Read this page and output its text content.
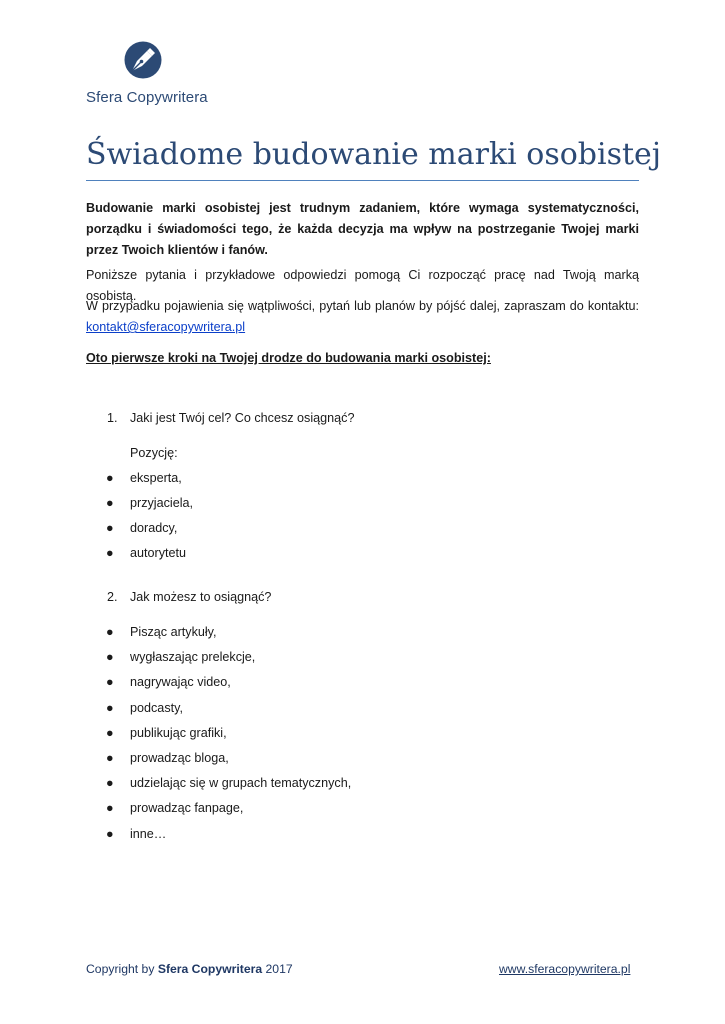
Sfera Copywritera
Świadome budowanie marki osobistej

Budowanie marki osobistej jest trudnym zadaniem, które wymaga systematyczności, porządku i świadomości tego, że każda decyzja ma wpływ na postrzeganie Twojej marki przez Twoich klientów i fanów.

Poniższe pytania i przykładowe odpowiedzi pomogą Ci rozpocząć pracę nad Twoją marką osobistą.

W przypadku pojawienia się wątpliwości, pytań lub planów by pójść dalej, zapraszam do kontaktu: kontakt@sferacopywritera.pl

Oto pierwsze kroki na Twojej drodze do budowania marki osobistej:

1. Jaki jest Twój cel? Co chcesz osiągnąć?
Pozycję:
● eksperta,
● przyjaciela,
● doradcy,
● autorytetu
2. Jak możesz to osiągnąć?
● Pisząc artykuły,
● wygłaszając prelekcje,
● nagrywając video,
● podcasty,
● publikując grafiki,
● prowadząc bloga,
● udzielając się w grupach tematycznych,
● prowadząc fanpage,
● inne…
Copyright by Sfera Copywritera 2017	www.sferacopywritera.pl
